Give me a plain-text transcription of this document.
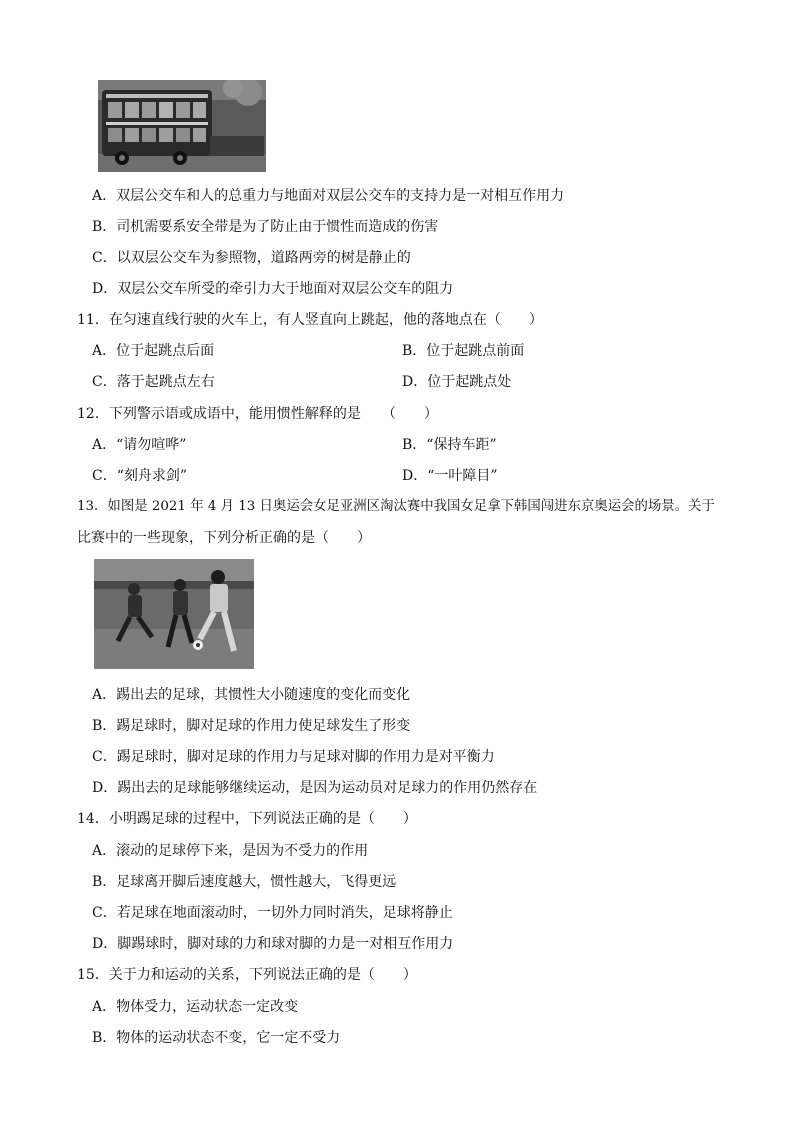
A．双层公交车和人的总重力与地面对双层公交车的支持力是一对相互作用力
B．司机需要系安全带是为了防止由于惯性而造成的伤害
C．以双层公交车为参照物，道路两旁的树是静止的
D．双层公交车所受的牵引力大于地面对双层公交车的阻力
11．在匀速直线行驶的火车上，有人竖直向上跳起，他的落地点在（　　）
A．位于起跳点后面	B．位于起跳点前面
C．落于起跳点左右	D．位于起跳点处
12．下列警示语或成语中，能用惯性解释的是　　（　　）
A．“请勿喧哗”	B．“保持车距”
C．“刻舟求剑”	D．“一叶障目”
13．如图是 2021 年 4 月 13 日奥运会女足亚洲区淘汰赛中我国女足拿下韩国闯进东京奥运会的场景。关于
比赛中的一些现象，下列分析正确的是（　　）
A．踢出去的足球，其惯性大小随速度的变化而变化
B．踢足球时，脚对足球的作用力使足球发生了形变
C．踢足球时，脚对足球的作用力与足球对脚的作用力是对平衡力
D．踢出去的足球能够继续运动，是因为运动员对足球力的作用仍然存在
14．小明踢足球的过程中，下列说法正确的是（　　）
A．滚动的足球停下来，是因为不受力的作用
B．足球离开脚后速度越大，惯性越大，飞得更远
C．若足球在地面滚动时，一切外力同时消失，足球将静止
D．脚踢球时，脚对球的力和球对脚的力是一对相互作用力
15．关于力和运动的关系，下列说法正确的是（　　）
A．物体受力，运动状态一定改变
B．物体的运动状态不变，它一定不受力
